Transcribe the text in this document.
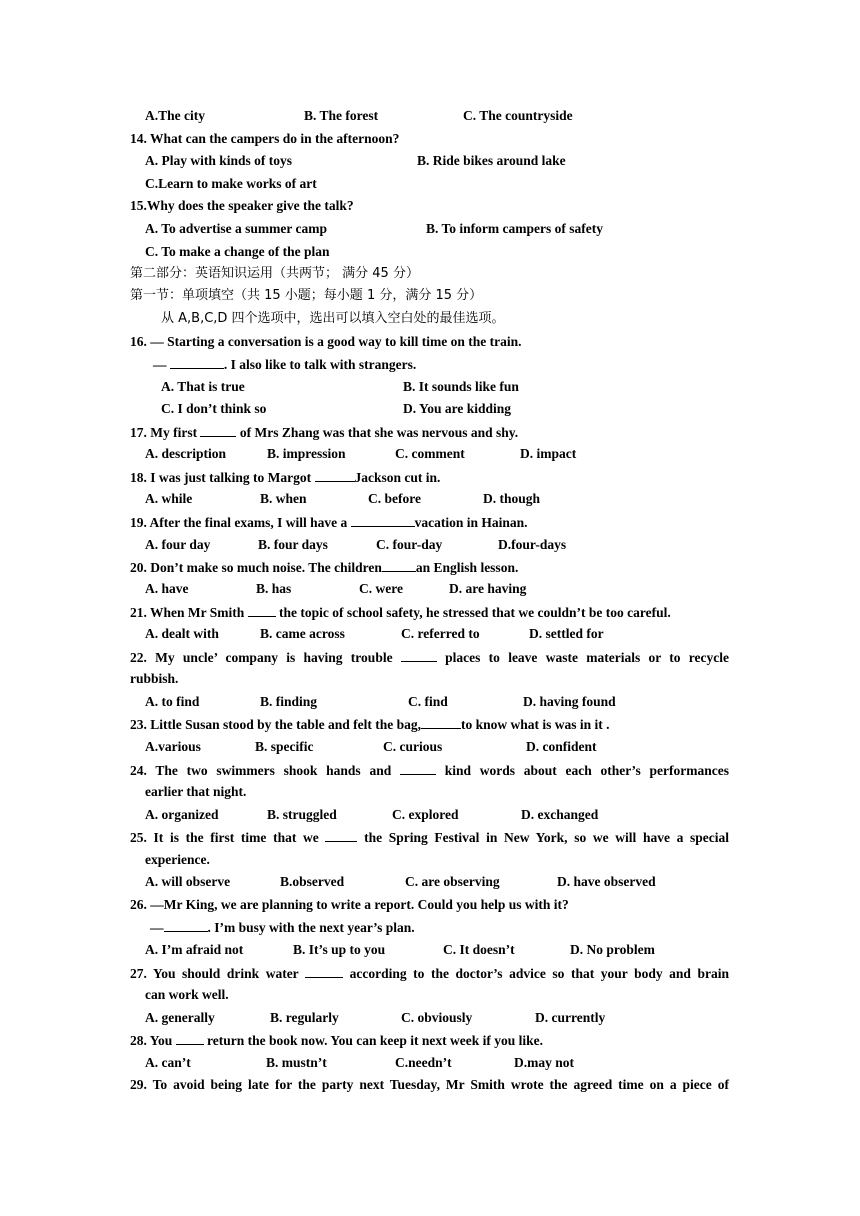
A.The city	B. The forest	C. The countryside
14. What can the campers do in the afternoon?
A. Play with kinds of toys	B. Ride bikes around lake
C.Learn to make works of art
15.Why does the speaker give the talk?
A. To advertise a summer camp	B. To inform campers of safety
C. To make a change of the plan
第二部分：英语知识运用（共两节； 满分 45 分）
第一节：单项填空（共 15 小题；每小题 1 分，满分 15 分）
从 A,B,C,D 四个选项中，选出可以填入空白处的最佳选项。
16. — Starting a conversation is a good way to kill time on the train.
—	. I also like to talk with strangers.
A. That is true	B. It sounds like fun
C. I don’t think so	D. You are kidding
17. My first	of Mrs Zhang was that she was nervous and shy.
A. description	B. impression	C. comment	D. impact
18. I was just talking to Margot	Jackson cut in.
A. while	B. when	C. before	D. though
19. After the final exams, I will have a	vacation in Hainan.
A. four day	B. four days	C. four-day	D.four-days
20. Don’t make so much noise. The children	an English lesson.
A. have	B. has	C. were	D. are having
21. When Mr Smith	the topic of school safety, he stressed that we couldn’t be too careful.
A. dealt with	B. came across	C. referred to	D. settled for
22. My uncle’ company is having trouble	places to leave waste materials or to recycle
rubbish.
A. to find	B. finding	C. find	D. having found
23. Little Susan stood by the table and felt the bag,	to know what is was in it .
A.various	B. specific	C. curious	D. confident
24. The two swimmers shook hands and	kind words about each other’s performances
earlier that night.
A. organized	B. struggled	C. explored	D. exchanged
25. It is the first time that we	the Spring Festival in New York, so we will have a special
experience.
A. will observe	B.observed	C. are observing	D. have observed
26. —Mr King, we are planning to write a report. Could you help us with it?
—	. I’m busy with the next year’s plan.
A. I’m afraid not	B. It’s up to you	C. It doesn’t	D. No problem
27. You should drink water	according to the doctor’s advice so that your body and brain
can work well.
A. generally	B. regularly	C. obviously	D. currently
28. You	return the book now. You can keep it next week if you like.
A. can’t	B. mustn’t	C.needn’t	D.may not
29. To avoid being late for the party next Tuesday, Mr Smith wrote the agreed time on a piece of
